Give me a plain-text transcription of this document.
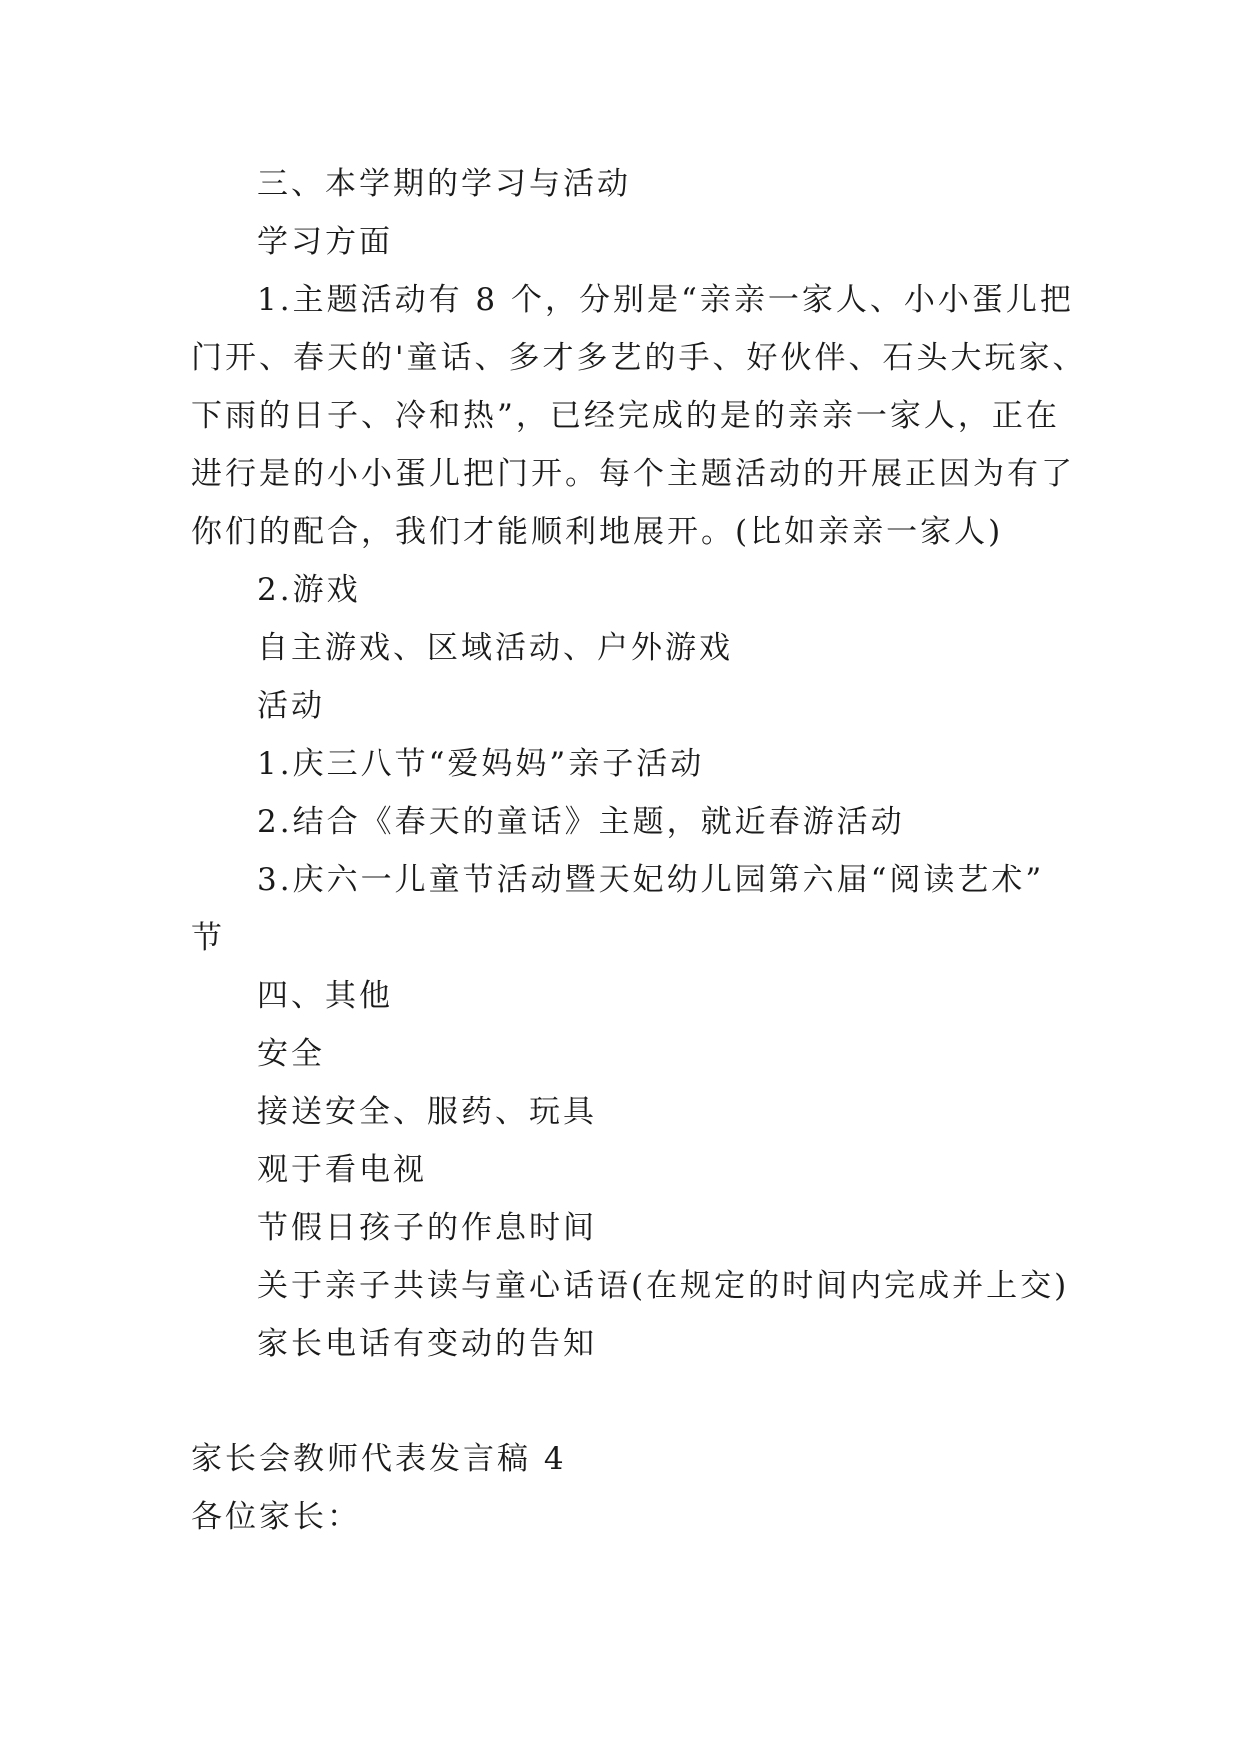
三、本学期的学习与活动
学习方面
1.主题活动有 8 个，分别是“亲亲一家人、小小蛋儿把
门开、春天的'童话、多才多艺的手、好伙伴、石头大玩家、
下雨的日子、冷和热”，已经完成的是的亲亲一家人，正在
进行是的小小蛋儿把门开。每个主题活动的开展正因为有了
你们的配合，我们才能顺利地展开。(比如亲亲一家人)
2.游戏
自主游戏、区域活动、户外游戏
活动
1.庆三八节“爱妈妈”亲子活动
2.结合《春天的童话》主题，就近春游活动
3.庆六一儿童节活动暨天妃幼儿园第六届“阅读艺术”
节
四、其他
安全
接送安全、服药、玩具
观于看电视
节假日孩子的作息时间
关于亲子共读与童心话语(在规定的时间内完成并上交)
家长电话有变动的告知
家长会教师代表发言稿 4
各位家长：
